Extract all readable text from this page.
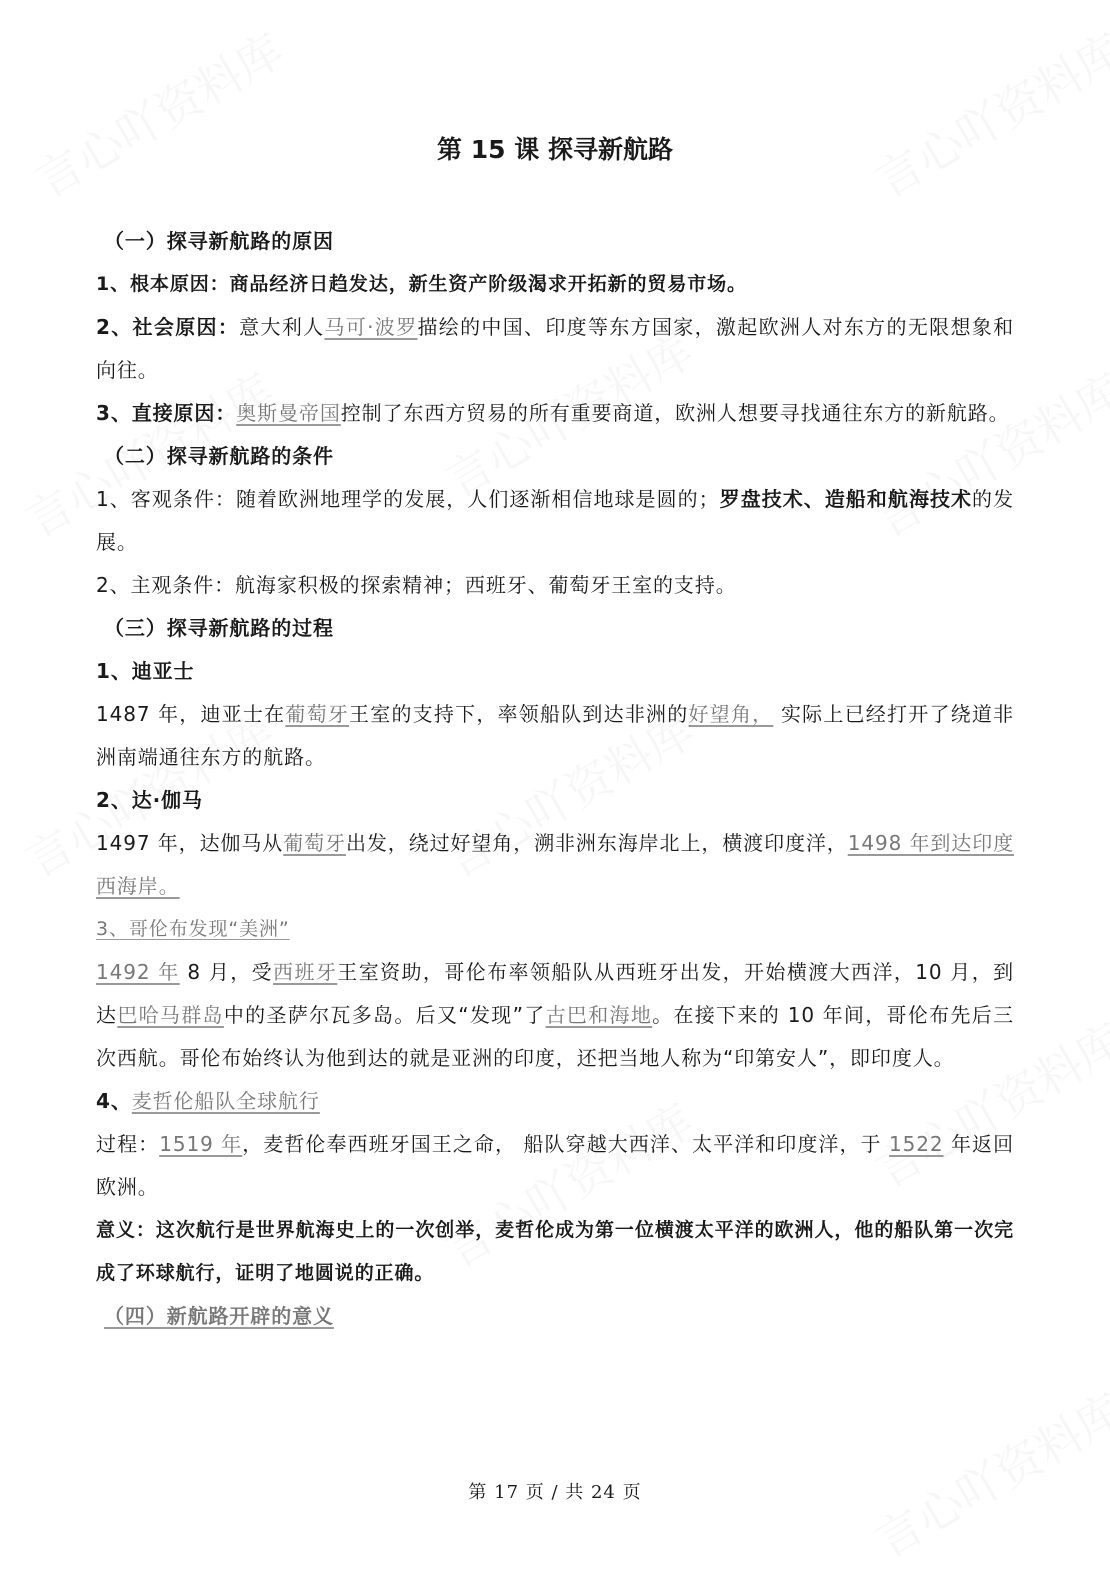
第 15 课 探寻新航路

（一）探寻新航路的原因

1、根本原因：商品经济日趋发达，新生资产阶级渴求开拓新的贸易市场。

2、社会原因：意大利人马可·波罗描绘的中国、印度等东方国家，激起欧洲人对东方的无限想象和向往。

3、直接原因：奥斯曼帝国控制了东西方贸易的所有重要商道，欧洲人想要寻找通往东方的新航路。

（二）探寻新航路的条件

1、客观条件：随着欧洲地理学的发展，人们逐渐相信地球是圆的；罗盘技术、造船和航海技术的发展。

2、主观条件：航海家积极的探索精神；西班牙、葡萄牙王室的支持。

（三）探寻新航路的过程

1、迪亚士

1487 年，迪亚士在葡萄牙王室的支持下，率领船队到达非洲的好望角， 实际上已经打开了绕道非洲南端通往东方的航路。

2、达·伽马

1497 年，达伽马从葡萄牙出发，绕过好望角，溯非洲东海岸北上，横渡印度洋，1498 年到达印度西海岸。

3、哥伦布发现“美洲”

1492 年 8 月，受西班牙王室资助，哥伦布率领船队从西班牙出发，开始横渡大西洋，10 月，到达巴哈马群岛中的圣萨尔瓦多岛。后又“发现”了古巴和海地。在接下来的 10 年间，哥伦布先后三次西航。哥伦布始终认为他到达的就是亚洲的印度，还把当地人称为“印第安人”，即印度人。

4、麦哲伦船队全球航行

过程：1519 年，麦哲伦奉西班牙国王之命， 船队穿越大西洋、太平洋和印度洋，于 1522 年返回欧洲。

意义：这次航行是世界航海史上的一次创举，麦哲伦成为第一位横渡太平洋的欧洲人，他的船队第一次完成了环球航行，证明了地圆说的正确。

（四）新航路开辟的意义

第 17 页 / 共 24 页
